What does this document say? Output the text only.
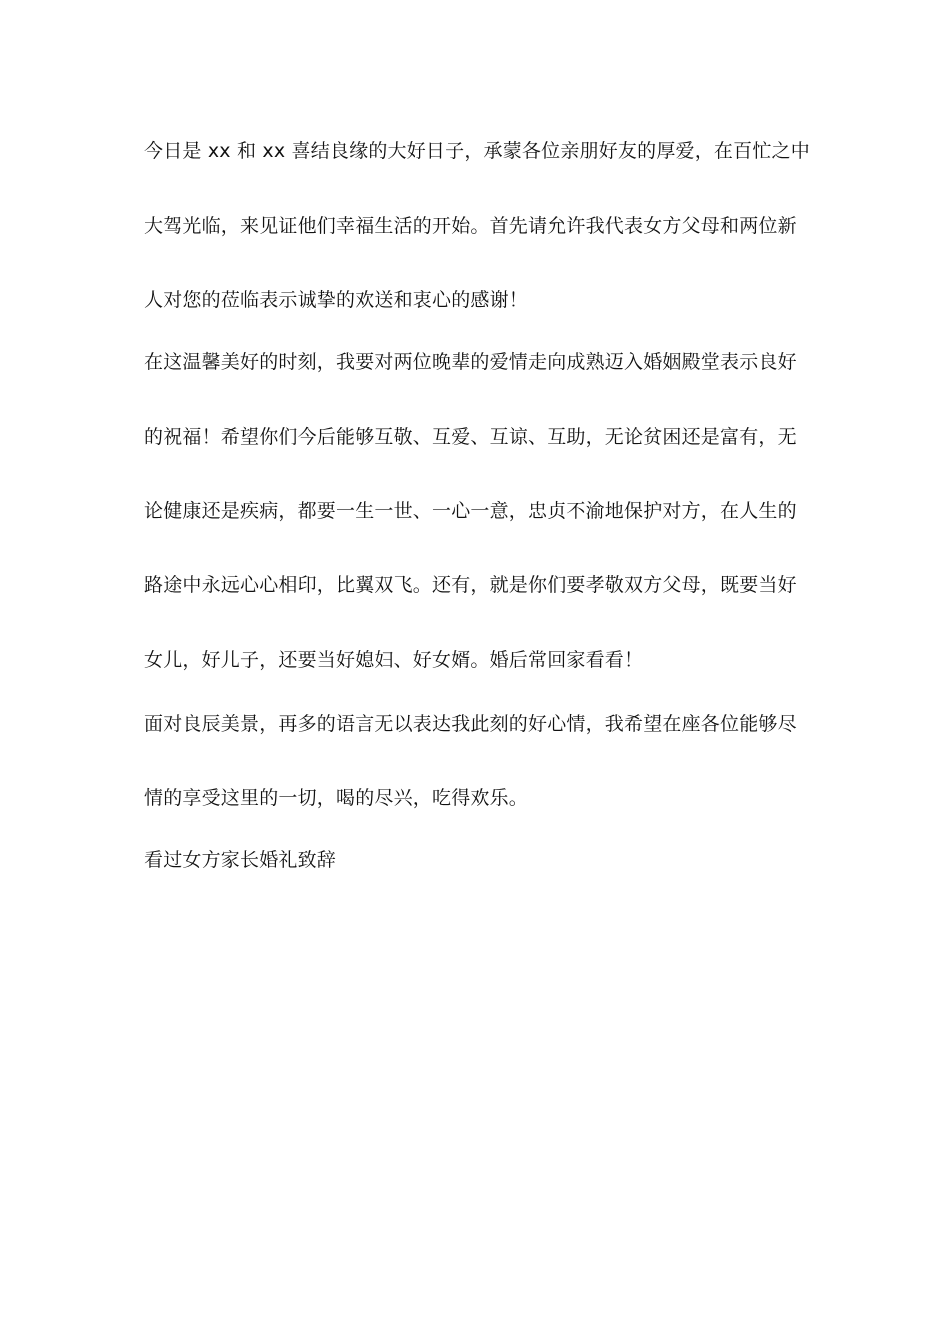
今日是 xx 和 xx 喜结良缘的大好日子，承蒙各位亲朋好友的厚爱，在百忙之中
大驾光临，来见证他们幸福生活的开始。首先请允许我代表女方父母和两位新
人对您的莅临表示诚挚的欢送和衷心的感谢！
在这温馨美好的时刻，我要对两位晚辈的爱情走向成熟迈入婚姻殿堂表示良好
的祝福！希望你们今后能够互敬、互爱、互谅、互助，无论贫困还是富有，无
论健康还是疾病，都要一生一世、一心一意，忠贞不渝地保护对方，在人生的
路途中永远心心相印，比翼双飞。还有，就是你们要孝敬双方父母，既要当好
女儿，好儿子，还要当好媳妇、好女婿。婚后常回家看看！
面对良辰美景，再多的语言无以表达我此刻的好心情，我希望在座各位能够尽
情的享受这里的一切，喝的尽兴，吃得欢乐。
看过女方家长婚礼致辞
